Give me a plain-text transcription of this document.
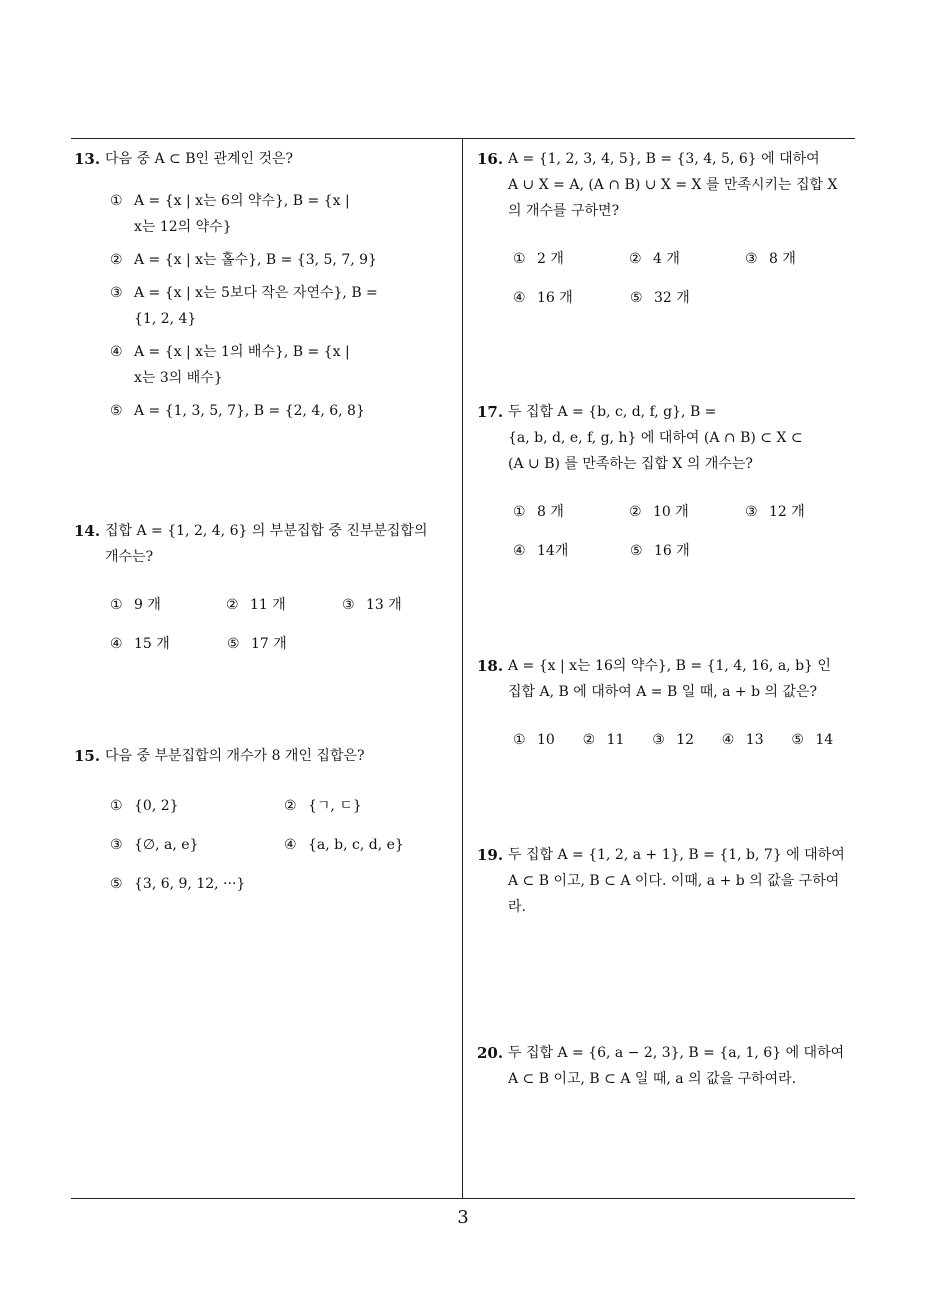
13. 다음 중 A ⊂ B인 관계인 것은?
① A = {x | x는 6의 약수}, B = {x |
x는 12의 약수}
② A = {x | x는 홀수}, B = {3, 5, 7, 9}
③ A = {x | x는 5보다 작은 자연수}, B =
{1, 2, 4}
④ A = {x | x는 1의 배수}, B = {x |
x는 3의 배수}
⑤ A = {1, 3, 5, 7}, B = {2, 4, 6, 8}
14. 집합 A = {1, 2, 4, 6} 의 부분집합 중 진부분집합의
개수는?
① 9 개	② 11 개	③ 13 개
④ 15 개	⑤ 17 개
15. 다음 중 부분집합의 개수가 8 개인 집합은?
① {0, 2}	② {ㄱ, ㄷ}
③ {∅, a, e}	④ {a, b, c, d, e}
⑤ {3, 6, 9, 12, ···}
16. A = {1, 2, 3, 4, 5}, B = {3, 4, 5, 6} 에 대하여
A ∪ X = A, (A ∩ B) ∪ X = X 를 만족시키는 집합 X
의 개수를 구하면?
① 2 개	② 4 개	③ 8 개
④ 16 개	⑤ 32 개
17. 두 집합 A = {b, c, d, f, g}, B =
{a, b, d, e, f, g, h} 에 대하여 (A ∩ B) ⊂ X ⊂
(A ∪ B) 를 만족하는 집합 X 의 개수는?
① 8 개	② 10 개	③ 12 개
④ 14개	⑤ 16 개
18. A = {x | x는 16의 약수}, B = {1, 4, 16, a, b} 인
집합 A, B 에 대하여 A = B 일 때, a + b 의 값은?
① 10	② 11	③ 12	④ 13	⑤ 14
19. 두 집합 A = {1, 2, a + 1}, B = {1, b, 7} 에 대하여
A ⊂ B 이고, B ⊂ A 이다. 이때, a + b 의 값을 구하여
라.
20. 두 집합 A = {6, a − 2, 3}, B = {a, 1, 6} 에 대하여
A ⊂ B 이고, B ⊂ A 일 때, a 의 값을 구하여라.
3
